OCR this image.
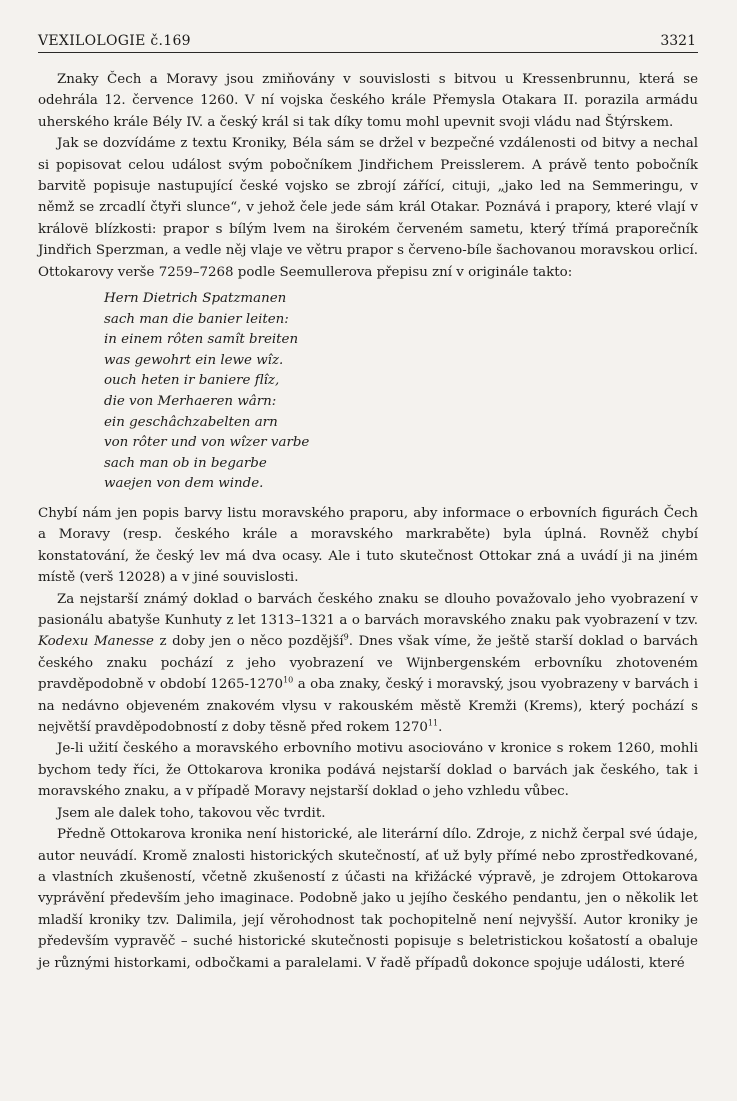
VEXILOLOGIE č.169	3321

Znaky Čech a Moravy jsou zmiňovány v souvislosti s bitvou u Kressenbrunnu, která se odehrála 12. července 1260. V ní vojska českého krále Přemysla Otakara II. porazila armádu uherského krále Bély IV. a český král si tak díky tomu mohl upevnit svoji vládu nad Štýrskem.

Jak se dozvídáme z textu Kroniky, Béla sám se držel v bezpečné vzdálenosti od bitvy a nechal si popisovat celou událost svým pobočníkem Jindřichem Preisslerem. A právě tento pobočník barvitě popisuje nastupující české vojsko se zbrojí zářící, cituji, „jako led na Semmeringu, v němž se zrcadlí čtyři slunce“, v jehož čele jede sám král Otakar. Poznává i prapory, které vlají v královë blízkosti: prapor s bílým lvem na širokém červeném sametu, který třímá praporečník Jindřich Sperzman, a vedle něj vlaje ve větru prapor s červeno-bíle šachovanou moravskou orlicí. Ottokarovy verše 7259–7268 podle Seemullerova přepisu zní v originále takto:

Hern Dietrich Spatzmanen
sach man die banier leiten:
in einem rôten samît breiten
was gewohrt ein lewe wîz.
ouch heten ir baniere flîz,
die von Merhaeren wârn:
ein geschâchzabelten arn
von rôter und von wîzer varbe
sach man ob in begarbe
waejen von dem winde.

Chybí nám jen popis barvy listu moravského praporu, aby informace o erbovních figurách Čech a Moravy (resp. českého krále a moravského markraběte) byla úplná. Rovněž chybí konstatování, že český lev má dva ocasy. Ale i tuto skutečnost Ottokar zná a uvádí ji na jiném místě (verš 12028) a v jiné souvislosti.

Za nejstarší známý doklad o barvách českého znaku se dlouho považovalo jeho vyobrazení v pasionálu abatyše Kunhuty z let 1313–1321 a o barvách moravského znaku pak vyobrazení v tzv. Kodexu Manesse z doby jen o něco pozdější$^9$. Dnes však víme, že ještě starší doklad o barvách českého znaku pochází z jeho vyobrazení ve Wijnbergenském erbovníku zhotoveném pravděpodobně v období 1265-1270$^{10}$ a oba znaky, český i moravský, jsou vyobrazeny v barvách i na nedávno objeveném znakovém vlysu v rakouském městě Kremži (Krems), který pochází s největší pravděpodobností z doby těsně před rokem 1270$^{11}$.

Je-li užití českého a moravského erbovního motivu asociováno v kronice s rokem 1260, mohli bychom tedy říci, že Ottokarova kronika podává nejstarší doklad o barvách jak českého, tak i moravského znaku, a v případě Moravy nejstarší doklad o jeho vzhledu vůbec.

Jsem ale dalek toho, takovou věc tvrdit.

Předně Ottokarova kronika není historické, ale literární dílo. Zdroje, z nichž čerpal své údaje, autor neuvádí. Kromě znalosti historických skutečností, ať už byly přímé nebo zprostředkované, a vlastních zkušeností, včetně zkušeností z účasti na křižácké výpravě, je zdrojem Ottokarova vyprávění především jeho imaginace. Podobně jako u jejího českého pendantu, jen o několik let mladší kroniky tzv. Dalimila, její věrohodnost tak pochopitelně není nejvyšší. Autor kroniky je především vypravěč – suché historické skutečnosti popisuje s beletristickou košatostí a obaluje je různými historkami, odbočkami a paralelami. V řadě případů dokonce spojuje události, které
